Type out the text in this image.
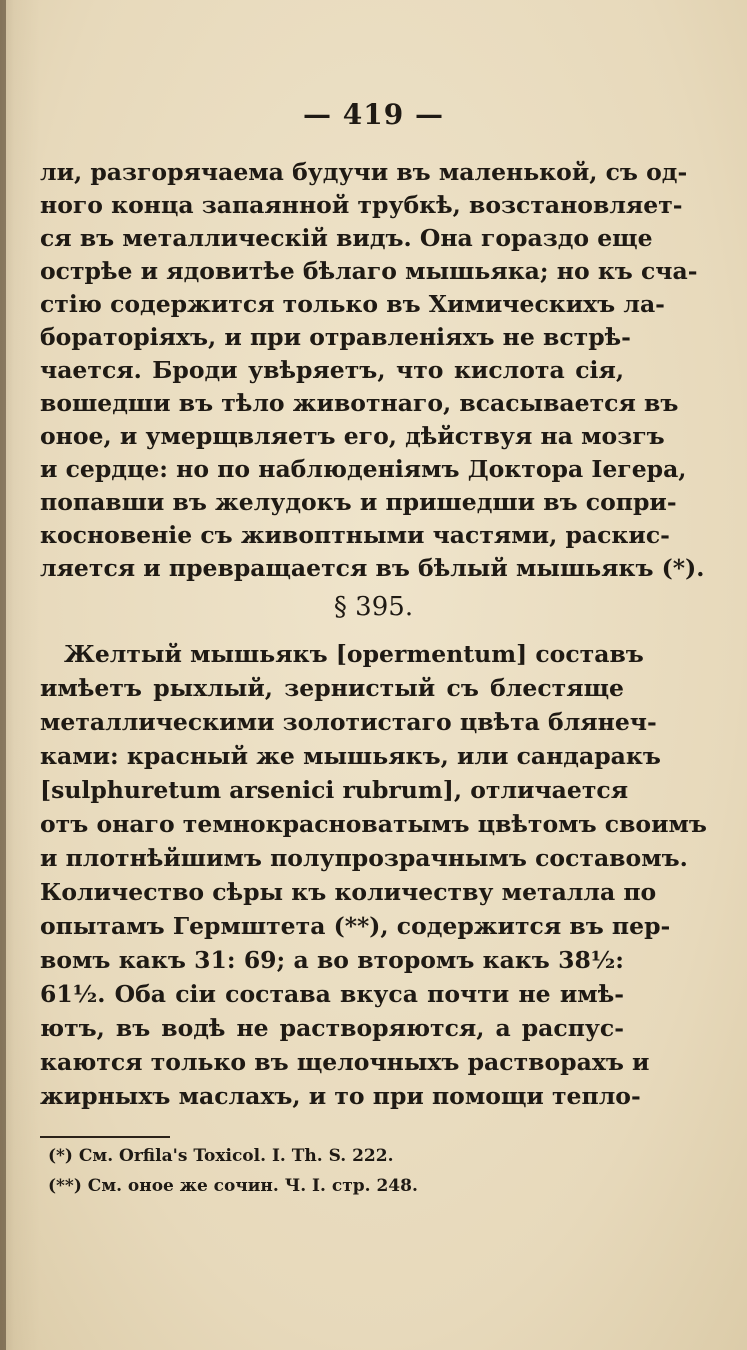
— 419 —
ли, разгорячаема будучи въ маленькой, съ од-
ного конца запаянной трубкѣ, возстановляет-
ся въ металлическій видъ. Она гораздо еще
острѣе и ядовитѣе бѣлаго мышьяка; но къ сча-
стію содержится только въ Химическихъ ла-
бораторіяхъ, и при отравленіяхъ не встрѣ-
чается. Броди увѣряетъ, что кислота сія,
вошедши въ тѣло животнаго, всасывается въ
оное, и умерщвляетъ его, дѣйствуя на мозгъ
и сердце: но по наблюденіямъ Доктора Іегера,
попавши въ желудокъ и пришедши въ сопри-
косновеніе съ живоптными частями, раскис-
ляется и превращается въ бѣлый мышьякъ (*).
§ 395.
Желтый мышьякъ [opermentum] составъ
имѣетъ рыхлый, зернистый съ блестяще
металлическими золотистаго цвѣта блянеч-
ками: красный же мышьякъ, или сандаракъ
[sulphuretum arsenici rubrum], отличается
отъ онаго темнокрасноватымъ цвѣтомъ своимъ
и плотнѣйшимъ полупрозрачнымъ составомъ.
Количество сѣры къ количеству металла по
опытамъ Гермштета (**), содержится въ пер-
вомъ какъ 31: 69; а во второмъ какъ 38½:
61½. Оба сіи состава вкуса почти не имѣ-
ютъ, въ водѣ не растворяются, а распус-
каются только въ щелочныхъ растворахъ и
жирныхъ маслахъ, и то при помощи тепло-
(*) См. Orfila's Toxicol. I. Th. S. 222.
(**) См. оное же сочин. Ч. I. стр. 248.
